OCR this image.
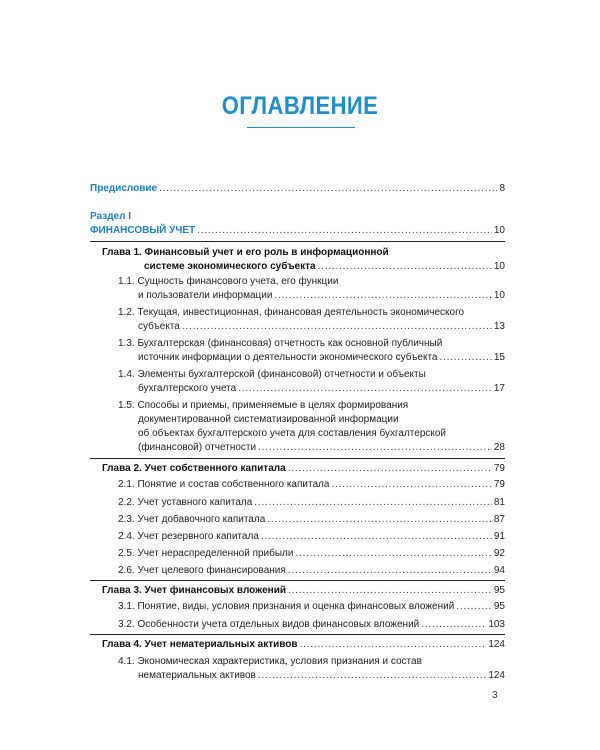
ОГЛАВЛЕНИЕ
Предисловие .....	8
Раздел I
ФИНАНСОВЫЙ УЧЕТ .....	10
Глава 1. Финансовый учет и его роль в информационной
системе экономического субъекта .....	10
1.1. Сущность финансового учета, его функции
и пользователи информации .....	10
1.2. Текущая, инвестиционная, финансовая деятельность экономического
субъекта .....	13
1.3. Бухгалтерская (финансовая) отчетность как основной публичный
источник информации о деятельности экономического субъекта .....	15
1.4. Элементы бухгалтерской (финансовой) отчетности и объекты
бухгалтерского учета .....	17
1.5. Способы и приемы, применяемые в целях формирования
документированной систематизированной информации
об объектах бухгалтерского учета для составления бухгалтерской
(финансовой) отчетности .....	28
Глава 2. Учет собственного капитала .....	79
2.1. Понятие и состав собственного капитала .....	79
2.2. Учет уставного капитала .....	81
2.3. Учет добавочного капитала .....	87
2.4. Учет резервного капитала .....	91
2.5. Учет нераспределенной прибыли .....	92
2.6. Учет целевого финансирования .....	94
Глава 3. Учет финансовых вложений .....	95
3.1. Понятие, виды, условия признания и оценка финансовых вложений .....	95
3.2. Особенности учета отдельных видов финансовых вложений .....	103
Глава 4. Учет нематериальных активов .....	124
4.1. Экономическая характеристика, условия признания и состав
нематериальных активов .....	124
3
